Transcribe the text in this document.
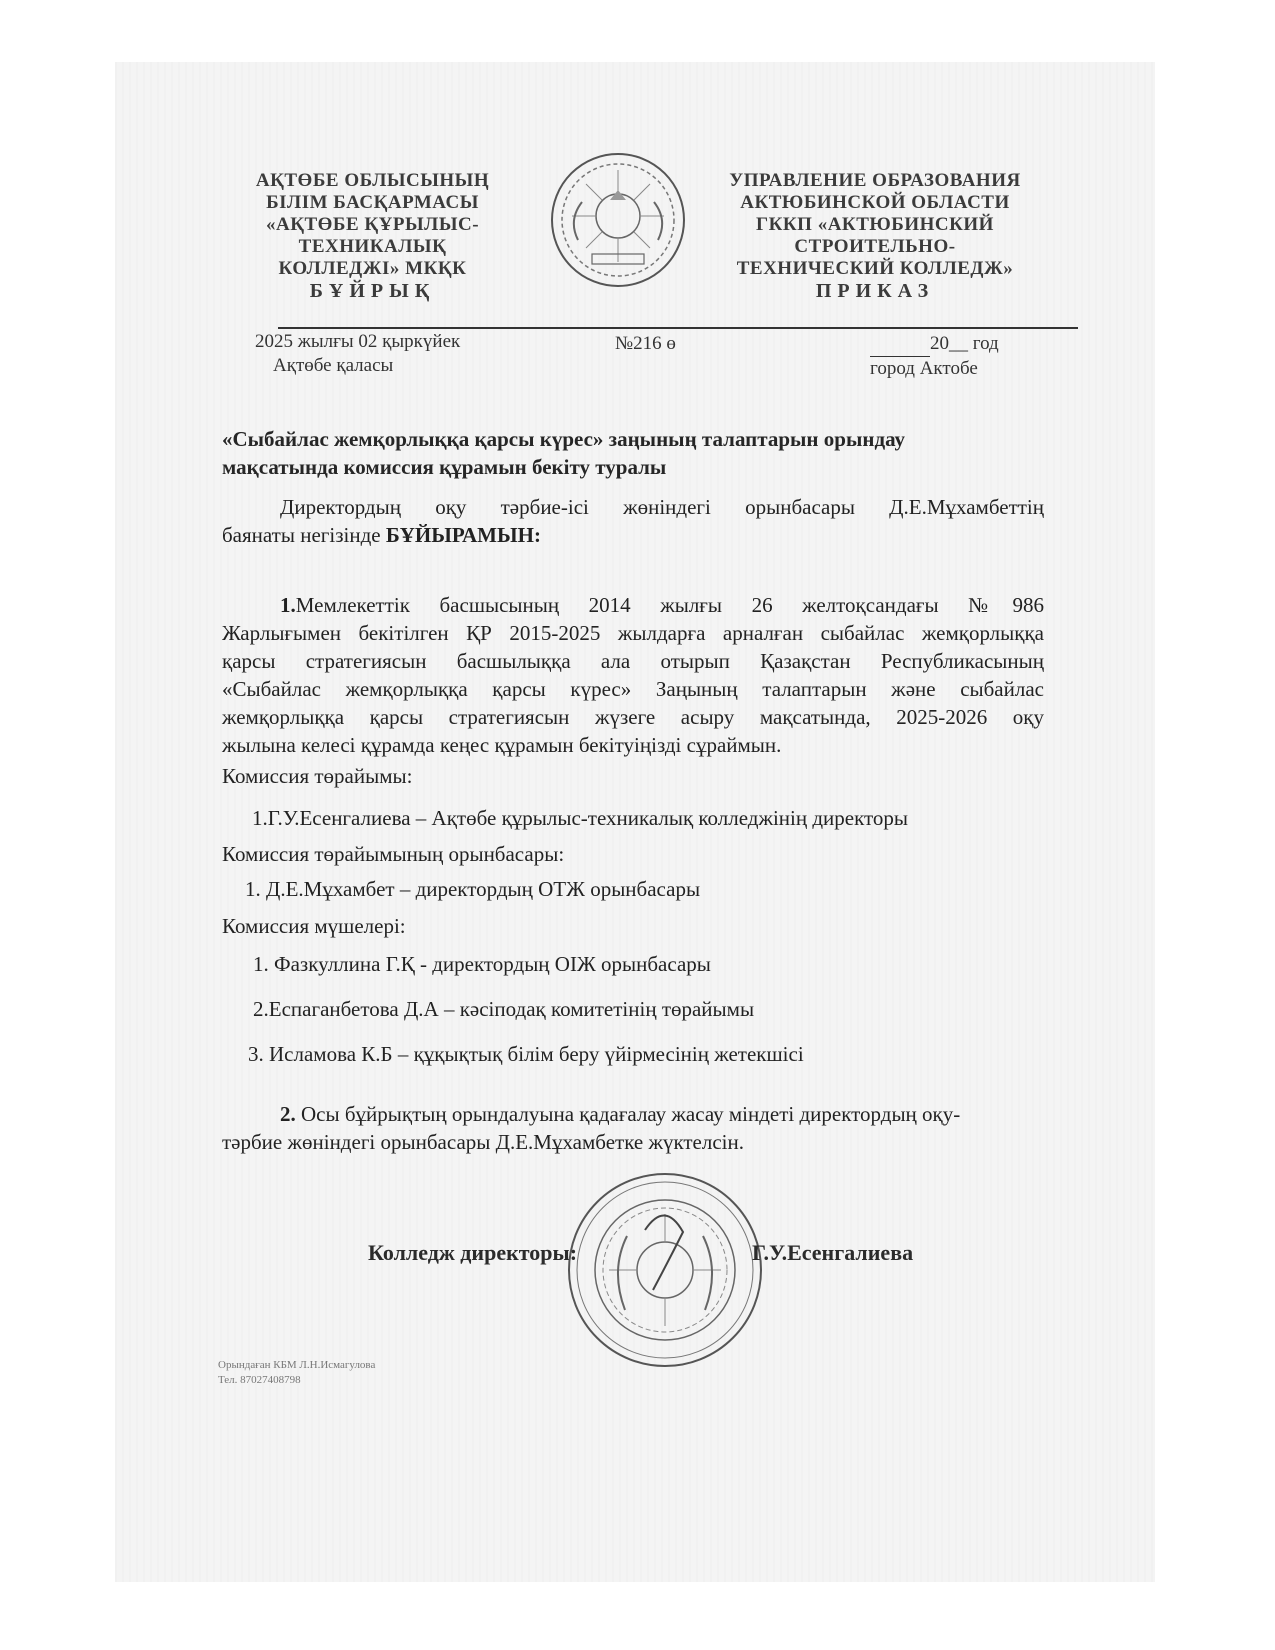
АҚТӨБЕ ОБЛЫСЫНЫҢ
БІЛІМ БАСҚАРМАСЫ
«АҚТӨБЕ ҚҰРЫЛЫС-
ТЕХНИКАЛЫҚ
КОЛЛЕДЖІ» МКҚК
БҰЙРЫҚ
УПРАВЛЕНИЕ ОБРАЗОВАНИЯ
АКТЮБИНСКОЙ ОБЛАСТИ
ГККП «АКТЮБИНСКИЙ
СТРОИТЕЛЬНО-
ТЕХНИЧЕСКИЙ КОЛЛЕДЖ»
ПРИКАЗ
2025 жылғы 02 қыркүйек
Ақтөбе қаласы
№216 ө	20__ год
город Актобе
«Сыбайлас жемқорлыққа қарсы күрес» заңының талаптарын орындау
мақсатында комиссия құрамын бекіту туралы
Директордың оқу тәрбие-ісі жөніндегі орынбасары Д.Е.Мұхамбеттің
баянаты негізінде БҰЙЫРАМЫН:
1.Мемлекеттік басшысының 2014 жылғы 26 желтоқсандағы №986
Жарлығымен бекітілген ҚР 2015-2025 жылдарға арналған сыбайлас жемқорлыққа
қарсы стратегиясын басшылыққа ала отырып Қазақстан Республикасының
«Сыбайлас жемқорлыққа қарсы күрес» Заңының талаптарын және сыбайлас
жемқорлыққа қарсы стратегиясын жүзеге асыру мақсатында, 2025-2026 оқу
жылына келесі құрамда кеңес құрамын бекітуіңізді сұраймын.
Комиссия төрайымы:
1.Г.У.Есенгалиева – Ақтөбе құрылыс-техникалық колледжінің директоры
Комиссия төрайымының орынбасары:
1. Д.Е.Мұхамбет – директордың ОТЖ орынбасары
Комиссия мүшелері:
1. Фазкуллина Г.Қ - директордың ОІЖ орынбасары
2.Еспаганбетова Д.А – кәсіподақ комитетінің төрайымы
3. Исламова К.Б – құқықтық білім беру үйірмесінің жетекшісі
2. Осы бұйрықтың орындалуына қадағалау жасау міндеті директордың оқу-
тәрбие жөніндегі орынбасары Д.Е.Мұхамбетке жүктелсін.
Колледж директоры:	Г.У.Есенгалиева
Орындаған КБМ Л.Н.Исмагулова
Тел. 87027408798
